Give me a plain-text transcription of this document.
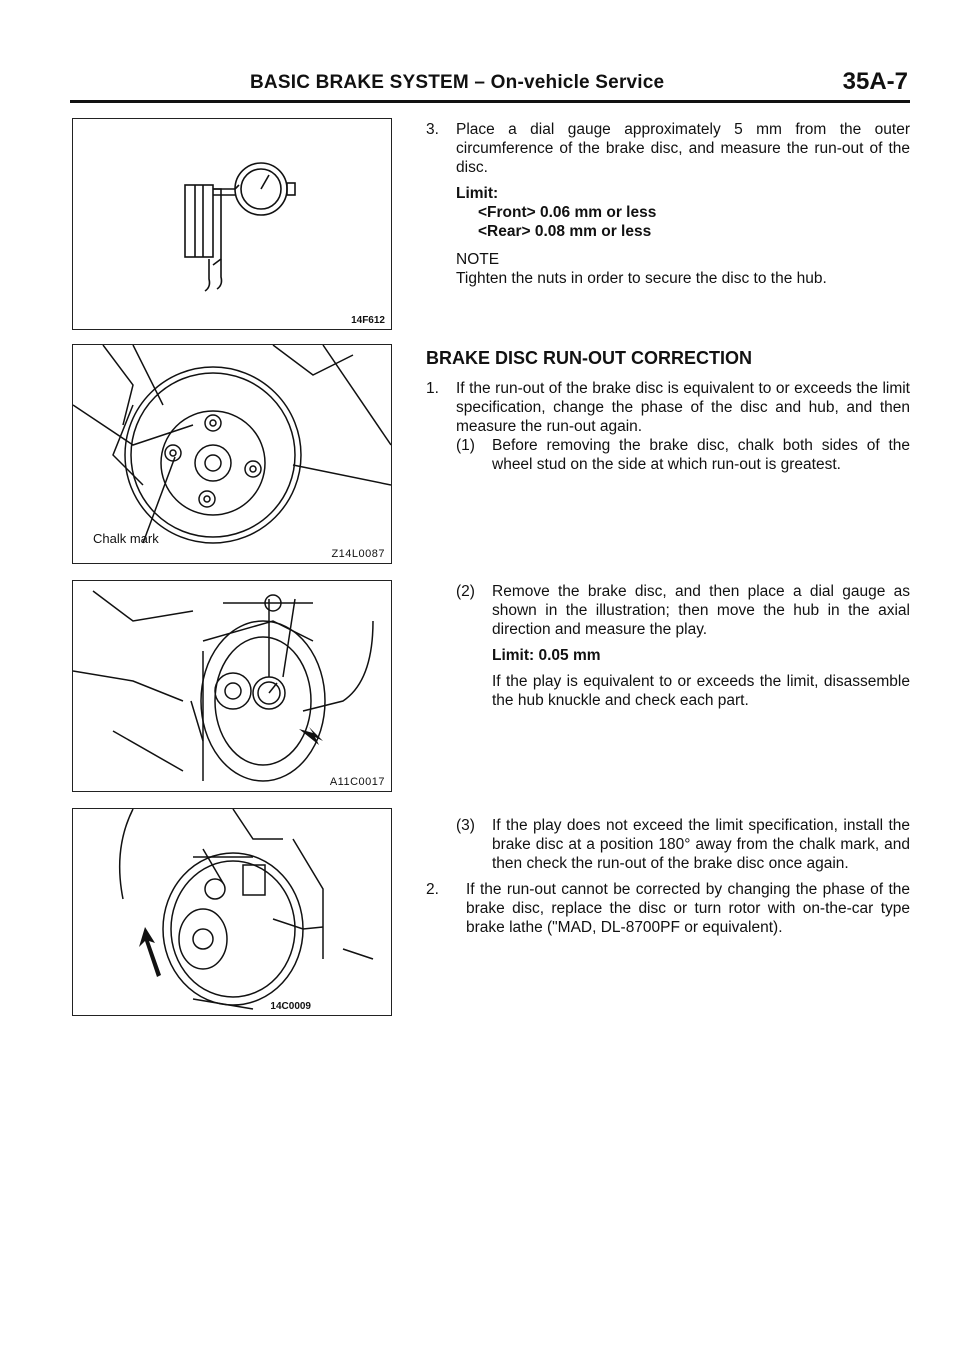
BASIC BRAKE SYSTEM – On-vehicle Service	35A-7
14F612
Chalk mark
Z14L0087
A11C0017
14C0009

3. Place a dial gauge approximately 5 mm from the outer circumference of the brake disc, and measure the run-out of the disc.

Limit:

<Front> 0.06 mm or less

<Rear> 0.08 mm or less

NOTE

Tighten the nuts in order to secure the disc to the hub.

BRAKE DISC RUN-OUT CORRECTION

1. If the run-out of the brake disc is equivalent to or exceeds the limit specification, change the phase of the disc and hub, and then measure the run-out again.

(1) Before removing the brake disc, chalk both sides of the wheel stud on the side at which run-out is greatest.

(2) Remove the brake disc, and then place a dial gauge as shown in the illustration; then move the hub in the axial direction and measure the play.

Limit: 0.05 mm

If the play is equivalent to or exceeds the limit, disassemble the hub knuckle and check each part.

(3) If the play does not exceed the limit specification, install the brake disc at a position 180° away from the chalk mark, and then check the run-out of the brake disc once again.

2. If the run-out cannot be corrected by changing the phase of the brake disc, replace the disc or turn rotor with on-the-car type brake lathe ("MAD, DL-8700PF or equivalent).
